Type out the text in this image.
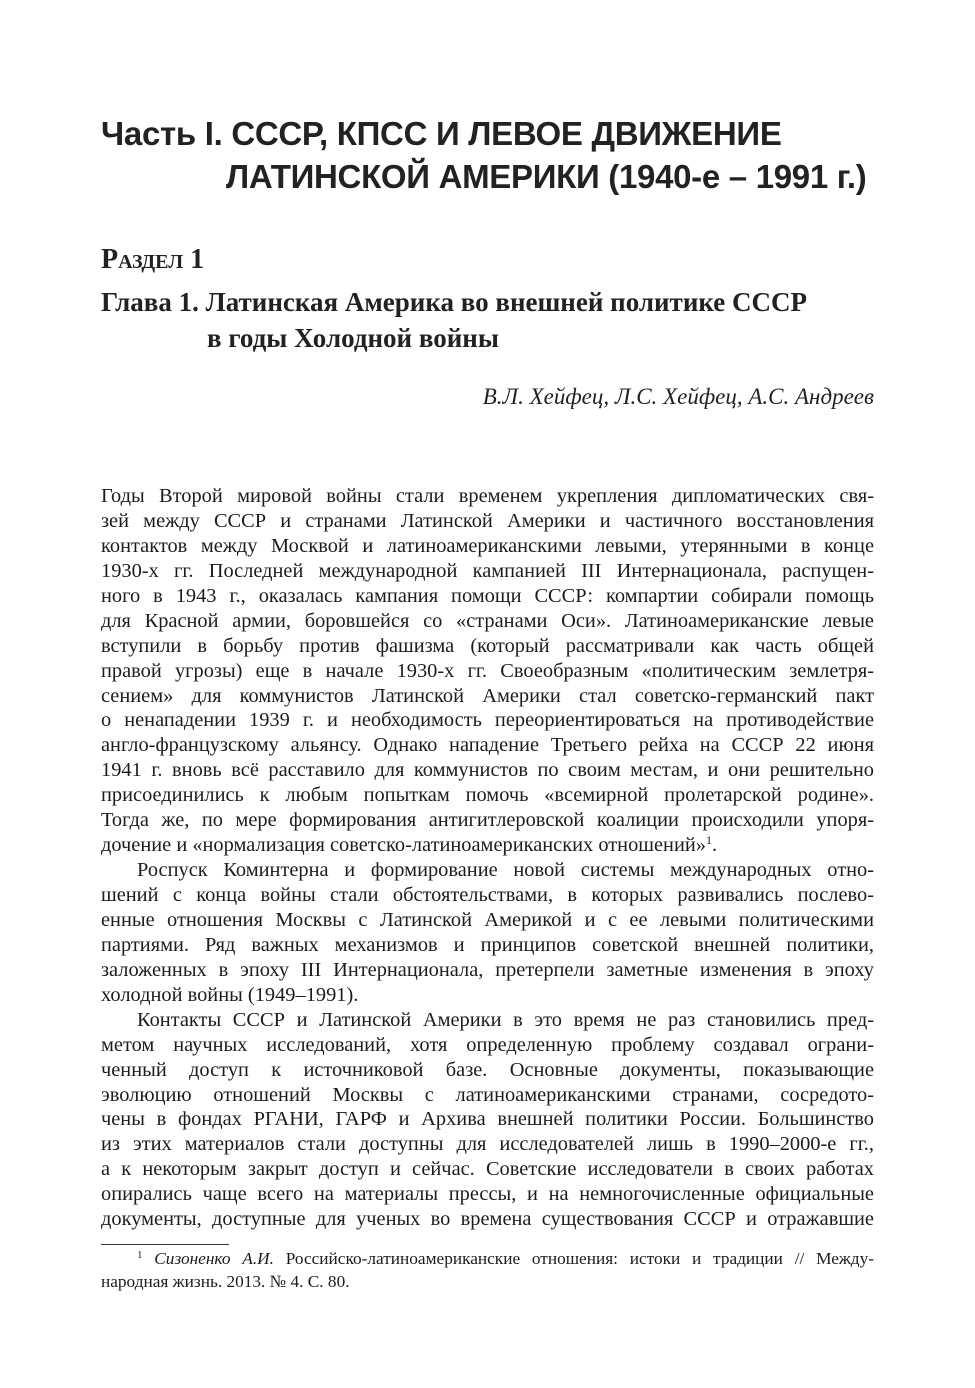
Часть I. СССР, КПСС И ЛЕВОЕ ДВИЖЕНИЕ
ЛАТИНСКОЙ АМЕРИКИ (1940-е – 1991 г.)
Раздел 1
Глава 1. Латинская Америка во внешней политике СССР
в годы Холодной войны
В.Л. Хейфец, Л.С. Хейфец, А.С. Андреев
Годы Второй мировой войны стали временем укрепления дипломатических свя-
зей между СССР и странами Латинской Америки и частичного восстановления
контактов между Москвой и латиноамериканскими левыми, утерянными в конце
1930-х гг. Последней международной кампанией III Интернационала, распущен-
ного в 1943 г., оказалась кампания помощи СССР: компартии собирали помощь
для Красной армии, боровшейся со «странами Оси». Латиноамериканские левые
вступили в борьбу против фашизма (который рассматривали как часть общей
правой угрозы) еще в начале 1930-х гг. Своеобразным «политическим землетря-
сением» для коммунистов Латинской Америки стал советско-германский пакт
о ненападении 1939 г. и необходимость переориентироваться на противодействие
англо-французскому альянсу. Однако нападение Третьего рейха на СССР 22 июня
1941 г. вновь всё расставило для коммунистов по своим местам, и они решительно
присоединились к любым попыткам помочь «всемирной пролетарской родине».
Тогда же, по мере формирования антигитлеровской коалиции происходили упоря-
дочение и «нормализация советско-латиноамериканских отношений»$^1$.
Роспуск Коминтерна и формирование новой системы международных отно-
шений с конца войны стали обстоятельствами, в которых развивались послево-
енные отношения Москвы с Латинской Америкой и с ее левыми политическими
партиями. Ряд важных механизмов и принципов советской внешней политики,
заложенных в эпоху III Интернационала, претерпели заметные изменения в эпоху
холодной войны (1949–1991).
Контакты СССР и Латинской Америки в это время не раз становились пред-
метом научных исследований, хотя определенную проблему создавал ограни-
ченный доступ к источниковой базе. Основные документы, показывающие
эволюцию отношений Москвы с латиноамериканскими странами, сосредото-
чены в фондах РГАНИ, ГАРФ и Архива внешней политики России. Большинство
из этих материалов стали доступны для исследователей лишь в 1990–2000-е гг.,
а к некоторым закрыт доступ и сейчас. Советские исследователи в своих работах
опирались чаще всего на материалы прессы, и на немногочисленные официальные
документы, доступные для ученых во времена существования СССР и отражавшие
$^1$ Сизоненко А.И. Российско-латиноамериканские отношения: истоки и традиции // Между-
народная жизнь. 2013. № 4. С. 80.
